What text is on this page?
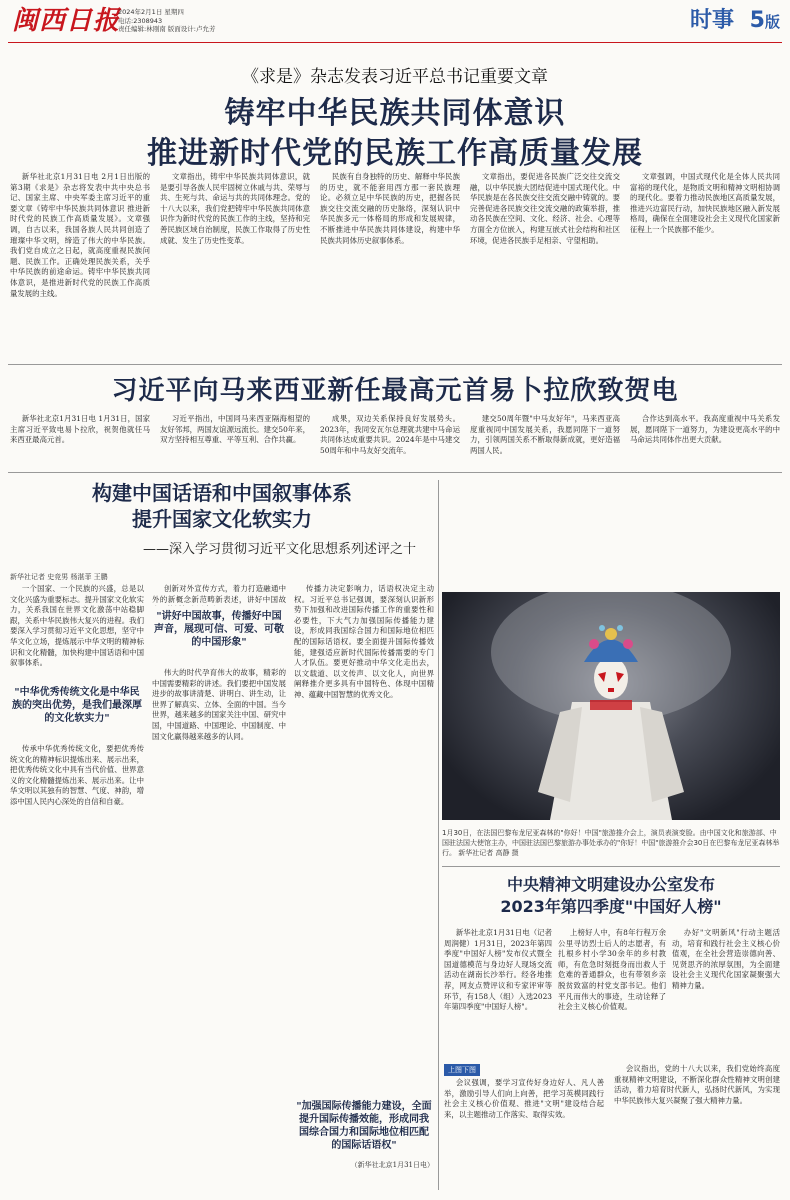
闽西日报
2024年2月1日 星期四
电话:2308943
责任编辑:林刚南 版面设计:卢允芳	时事 5版
《求是》杂志发表习近平总书记重要文章
铸牢中华民族共同体意识
推进新时代党的民族工作高质量发展

新华社北京1月31日电 2月1日出版的第3期《求是》杂志将发表中共中央总书记、国家主席、中央军委主席习近平的重要文章《铸牢中华民族共同体意识 推进新时代党的民族工作高质量发展》。文章强调，自古以来，我国各族人民共同创造了璀璨中华文明，缔造了伟大的中华民族。我们党自成立之日起，就高度重视民族问题、民族工作。正确处理民族关系，关乎中华民族的前途命运。铸牢中华民族共同体意识，是推进新时代党的民族工作高质量发展的主线。

文章指出，铸牢中华民族共同体意识，就是要引导各族人民牢固树立休戚与共、荣辱与共、生死与共、命运与共的共同体理念。党的十八大以来，我们党把铸牢中华民族共同体意识作为新时代党的民族工作的主线，坚持和完善民族区域自治制度，民族工作取得了历史性成就、发生了历史性变革。

民族有自身独特的历史、解释中华民族的历史，就不能套用西方那一套民族理论。必须立足中华民族的历史，把握各民族交往交流交融的历史脉络，深刻认识中华民族多元一体格局的形成和发展规律，不断推进中华民族共同体建设，构建中华民族共同体历史叙事体系。

文章指出，要促进各民族广泛交往交流交融，以中华民族大团结促进中国式现代化。中华民族是在各民族交往交流交融中铸就的。要完善促进各民族交往交流交融的政策举措，推动各民族在空间、文化、经济、社会、心理等方面全方位嵌入，构建互嵌式社会结构和社区环境，促进各民族手足相亲、守望相助。

文章强调，中国式现代化是全体人民共同富裕的现代化，是物质文明和精神文明相协调的现代化。要着力推动民族地区高质量发展，推进兴边富民行动，加快民族地区融入新发展格局，确保在全面建设社会主义现代化国家新征程上一个民族都不能少。

习近平向马来西亚新任最高元首易卜拉欣致贺电

新华社北京1月31日电 1月31日，国家主席习近平致电易卜拉欣，祝贺他就任马来西亚最高元首。

习近平指出，中国同马来西亚隔海相望的友好邻邦，两国友谊源远流长。建交50年来，双方坚持相互尊重、平等互利、合作共赢。

成果，双边关系保持良好发展势头。2023年，我同安瓦尔总理就共建中马命运共同体达成重要共识。2024年是中马建交50周年和中马友好交流年。

建交50周年暨"中马友好年"，马来西亚高度重视同中国发展关系，我愿同陛下一道努力，引领两国关系不断取得新成就，更好造福两国人民。

合作达到高水平。我高度重视中马关系发展，愿同陛下一道努力，为建设更高水平的中马命运共同体作出更大贡献。

构建中国话语和中国叙事体系
提升国家文化软实力
——深入学习贯彻习近平文化思想系列述评之十
新华社记者 史竞男 杨湛菲 王鹏

一个国家、一个民族的兴盛，总是以文化兴盛为重要标志。提升国家文化软实力，关系我国在世界文化激荡中站稳脚跟，关系中华民族伟大复兴的进程。我们要深入学习贯彻习近平文化思想，坚守中华文化立场，提炼展示中华文明的精神标识和文化精髓，加快构建中国话语和中国叙事体系。

"中华优秀传统文化是中华民族的突出优势，是我们最深厚的文化软实力"

传承中华优秀传统文化，要把优秀传统文化的精神标识提炼出来、展示出来，把优秀传统文化中具有当代价值、世界意义的文化精髓提炼出来、展示出来。让中华文明以其独有的智慧、气度、神韵，增添中国人民内心深处的自信和自豪。

创新对外宣传方式，着力打造融通中外的新概念新范畴新表述，讲好中国故

"讲好中国故事，传播好中国声音，展现可信、可爱、可敬的中国形象"

伟大的时代孕育伟大的故事，精彩的中国需要精彩的讲述。我们要把中国发展进步的故事讲清楚、讲明白、讲生动，让世界了解真实、立体、全面的中国。当今世界，越来越多的国家关注中国、研究中国，中国道路、中国理论、中国制度、中国文化赢得越来越多的认同。

传播力决定影响力，话语权决定主动权。习近平总书记强调，要深刻认识新形势下加强和改进国际传播工作的重要性和必要性，下大气力加强国际传播能力建设，形成同我国综合国力和国际地位相匹配的国际话语权。要全面提升国际传播效能，建强适应新时代国际传播需要的专门人才队伍。要更好推动中华文化走出去，以文载道、以文传声、以文化人，向世界阐释推介更多具有中国特色、体现中国精神、蕴藏中国智慧的优秀文化。

"加强国际传播能力建设，全面提升国际传播效能，形成同我国综合国力和国际地位相匹配的国际话语权"
（新华社北京1月31日电）
1月30日，在法国巴黎布龙尼亚森林的"你好！中国"旅游推介会上，演员表演变脸。由中国文化和旅游部、中国驻法国大使馆主办，中国驻法国巴黎旅游办事处承办的"你好！中国"旅游推介会30日在巴黎布龙尼亚森林举行。 新华社记者 高静 摄
中央精神文明建设办公室发布
2023年第四季度"中国好人榜"

新华社北京1月31日电（记者 周润健）1月31日，2023年第四季度"中国好人榜"发布仪式暨全国道德模范与身边好人现场交流活动在湖南长沙举行。经各地推荐，网友点赞评议和专家评审等环节，有158人（组）入选2023年第四季度"中国好人榜"。

上榜好人中，有8年行程万余公里寻访烈士后人的志愿者，有扎根乡村小学30余年的乡村教师，有危急时刻挺身而出救人于危难的普通群众，也有带领乡亲脱贫致富的村党支部书记。他们平凡而伟大的事迹，生动诠释了社会主义核心价值观。

办好"文明新风"行动主题活动，培育和践行社会主义核心价值观，在全社会营造崇德向善、见贤思齐的浓厚氛围，为全面建设社会主义现代化国家凝聚强大精神力量。

上图下图

会议强调，要学习宣传好身边好人、凡人善举，激励引导人们向上向善，把学习英模同践行社会主义核心价值观、推进"文明"建设结合起来，以主题推动工作落实、取得实效。

会议指出，党的十八大以来，我们党始终高度重视精神文明建设，不断深化群众性精神文明创建活动，着力培育时代新人，弘扬时代新风，为实现中华民族伟大复兴凝聚了强大精神力量。
